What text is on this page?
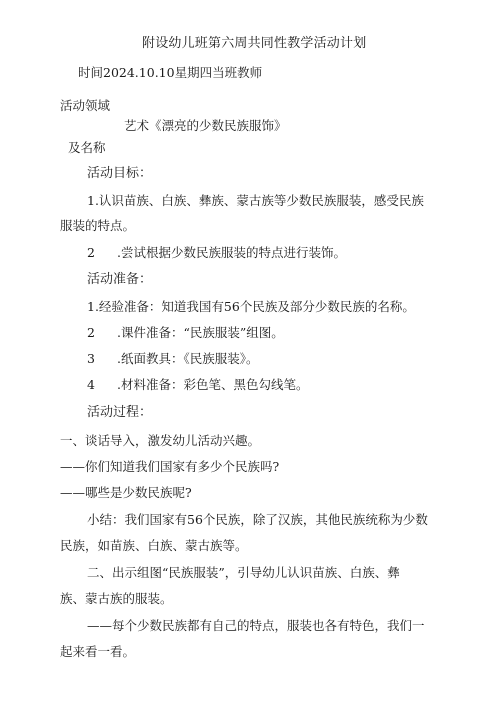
附设幼儿班第六周共同性教学活动计划
时间2024.10.10星期四当班教师
活动领域
艺术《漂亮的少数民族服饰》
及名称
活动目标：
1.认识苗族、白族、彝族、蒙古族等少数民族服装，感受民族
服装的特点。
2 .尝试根据少数民族服装的特点进行装饰。
活动准备：
1.经验准备：知道我国有56个民族及部分少数民族的名称。
2 .课件准备：“民族服装”组图。
3 .纸面教具：《民族服装》。
4 .材料准备：彩色笔、黑色勾线笔。
活动过程：
一、谈话导入，激发幼儿活动兴趣。
——你们知道我们国家有多少个民族吗?
——哪些是少数民族呢?
小结：我们国家有56个民族，除了汉族，其他民族统称为少数
民族，如苗族、白族、蒙古族等。
二、出示组图“民族服装”，引导幼儿认识苗族、白族、彝
族、蒙古族的服装。
——每个少数民族都有自己的特点，服装也各有特色，我们一
起来看一看。
